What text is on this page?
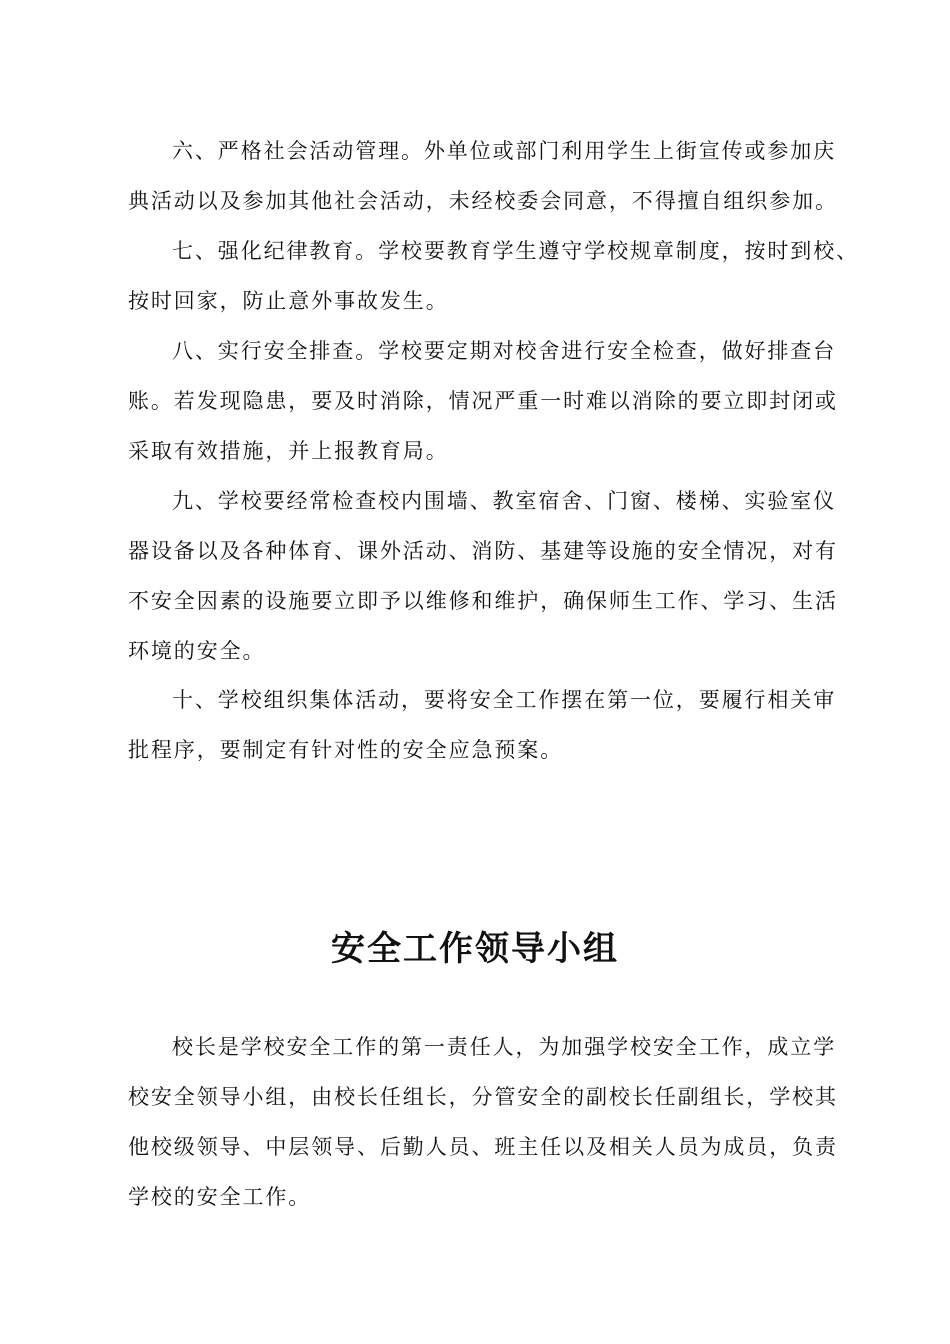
六、严格社会活动管理。外单位或部门利用学生上街宣传或参加庆
典活动以及参加其他社会活动，未经校委会同意，不得擅自组织参加。
七、强化纪律教育。学校要教育学生遵守学校规章制度，按时到校、
按时回家，防止意外事故发生。
八、实行安全排查。学校要定期对校舍进行安全检查，做好排查台
账。若发现隐患，要及时消除，情况严重一时难以消除的要立即封闭或
采取有效措施，并上报教育局。
九、学校要经常检查校内围墙、教室宿舍、门窗、楼梯、实验室仪
器设备以及各种体育、课外活动、消防、基建等设施的安全情况，对有
不安全因素的设施要立即予以维修和维护，确保师生工作、学习、生活
环境的安全。
十、学校组织集体活动，要将安全工作摆在第一位，要履行相关审
批程序，要制定有针对性的安全应急预案。
安全工作领导小组
校长是学校安全工作的第一责任人，为加强学校安全工作，成立学
校安全领导小组，由校长任组长，分管安全的副校长任副组长，学校其
他校级领导、中层领导、后勤人员、班主任以及相关人员为成员，负责
学校的安全工作。
